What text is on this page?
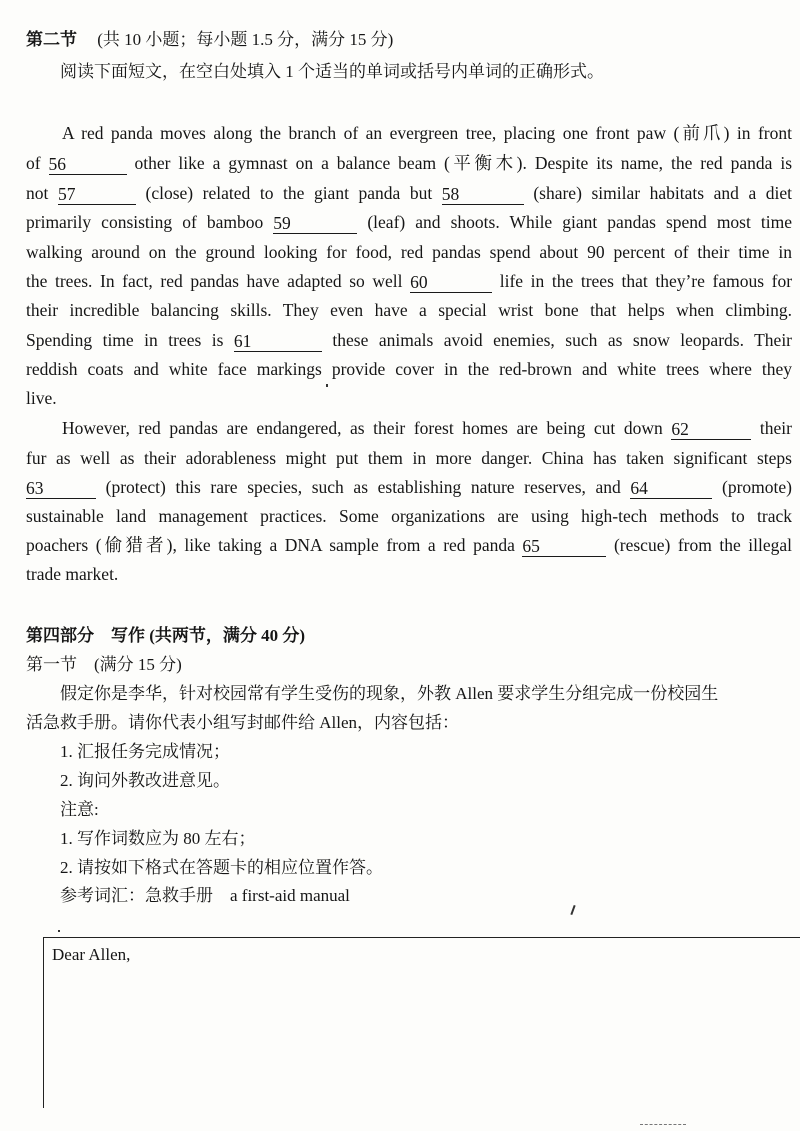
第二节 (共 10 小题；每小题 1.5 分，满分 15 分)
阅读下面短文，在空白处填入 1 个适当的单词或括号内单词的正确形式。
A red panda moves along the branch of an evergreen tree, placing one front paw (前爪) in front
of 56	other like a gymnast on a balance beam (平衡木). Despite its name, the red panda is
not 57	(close) related to the giant panda but 58	(share) similar habitats and a diet
primarily consisting of bamboo 59	(leaf) and shoots. While giant pandas spend most time
walking around on the ground looking for food, red pandas spend about 90 percent of their time in
the trees. In fact, red pandas have adapted so well 60	life in the trees that they’re famous for
their incredible balancing skills. They even have a special wrist bone that helps when climbing.
Spending time in trees is 61	these animals avoid enemies, such as snow leopards. Their
reddish coats and white face markings provide cover in the red-brown and white trees where they
live.
However, red pandas are endangered, as their forest homes are being cut down 62	their
fur as well as their adorableness might put them in more danger. China has taken significant steps
63	(protect) this rare species, such as establishing nature reserves, and 64	(promote)
sustainable land management practices. Some organizations are using high-tech methods to track
poachers (偷猎者), like taking a DNA sample from a red panda 65	(rescue) from the illegal
trade market.
第四部分　写作 (共两节，满分 40 分)
第一节　(满分 15 分)
假定你是李华，针对校园常有学生受伤的现象，外教 Allen 要求学生分组完成一份校园生
活急救手册。请你代表小组写封邮件给 Allen，内容包括：
1. 汇报任务完成情况；
2. 询问外教改进意见。
注意:
1. 写作词数应为 80 左右；
2. 请按如下格式在答题卡的相应位置作答。
参考词汇：急救手册　a first-aid manual
Dear Allen,
